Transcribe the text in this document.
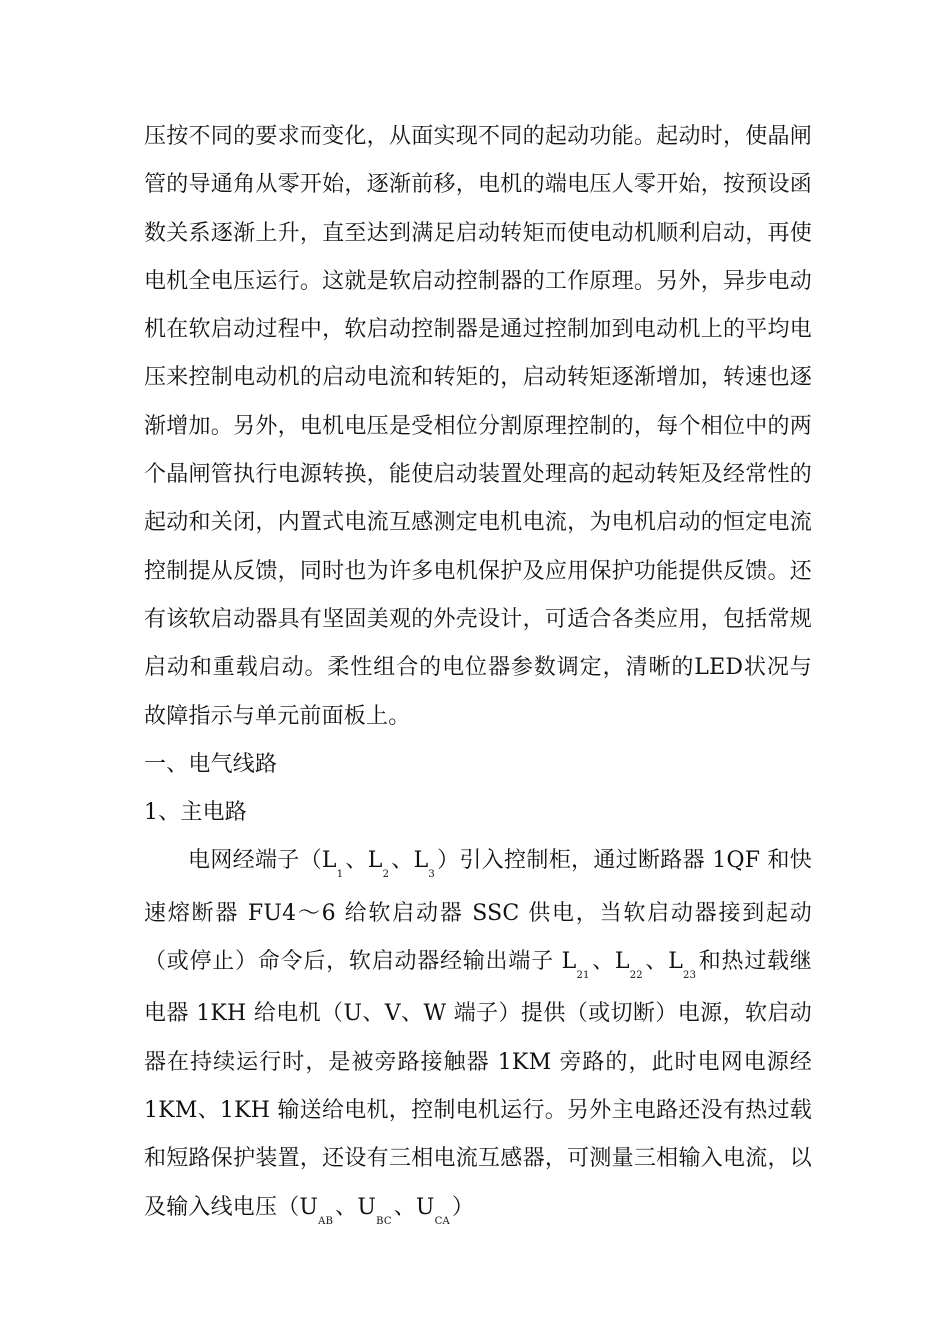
压按不同的要求而变化，从面实现不同的起动功能。起动时，使晶闸管的导通角从零开始，逐渐前移，电机的端电压人零开始，按预设函数关系逐渐上升，直至达到满足启动转矩而使电动机顺利启动，再使电机全电压运行。这就是软启动控制器的工作原理。另外，异步电动机在软启动过程中，软启动控制器是通过控制加到电动机上的平均电压来控制电动机的启动电流和转矩的，启动转矩逐渐增加，转速也逐渐增加。另外，电机电压是受相位分割原理控制的，每个相位中的两个晶闸管执行电源转换，能使启动装置处理高的起动转矩及经常性的起动和关闭，内置式电流互感测定电机电流，为电机启动的恒定电流控制提从反馈，同时也为许多电机保护及应用保护功能提供反馈。还有该软启动器具有坚固美观的外壳设计，可适合各类应用，包括常规启动和重载启动。柔性组合的电位器参数调定，清晰的LED状况与故障指示与单元前面板上。

一、电气线路

1、主电路

电网经端子（$L_1$、$L_2$、$L_3$）引入控制柜，通过断路器 1QF 和快速熔断器 FU4～6 给软启动器 SSC 供电，当软启动器接到起动（或停止）命令后，软启动器经输出端子 $L_{21}$、$L_{22}$、$L_{23}$和热过载继电器 1KH 给电机（U、V、W 端子）提供（或切断）电源，软启动器在持续运行时，是被旁路接触器 1KM 旁路的，此时电网电源经 1KM、1KH 输送给电机，控制电机运行。另外主电路还没有热过载和短路保护装置，还设有三相电流互感器，可测量三相输入电流，以及输入线电压（$U_{AB}$、$U_{BC}$、$U_{CA}$）
